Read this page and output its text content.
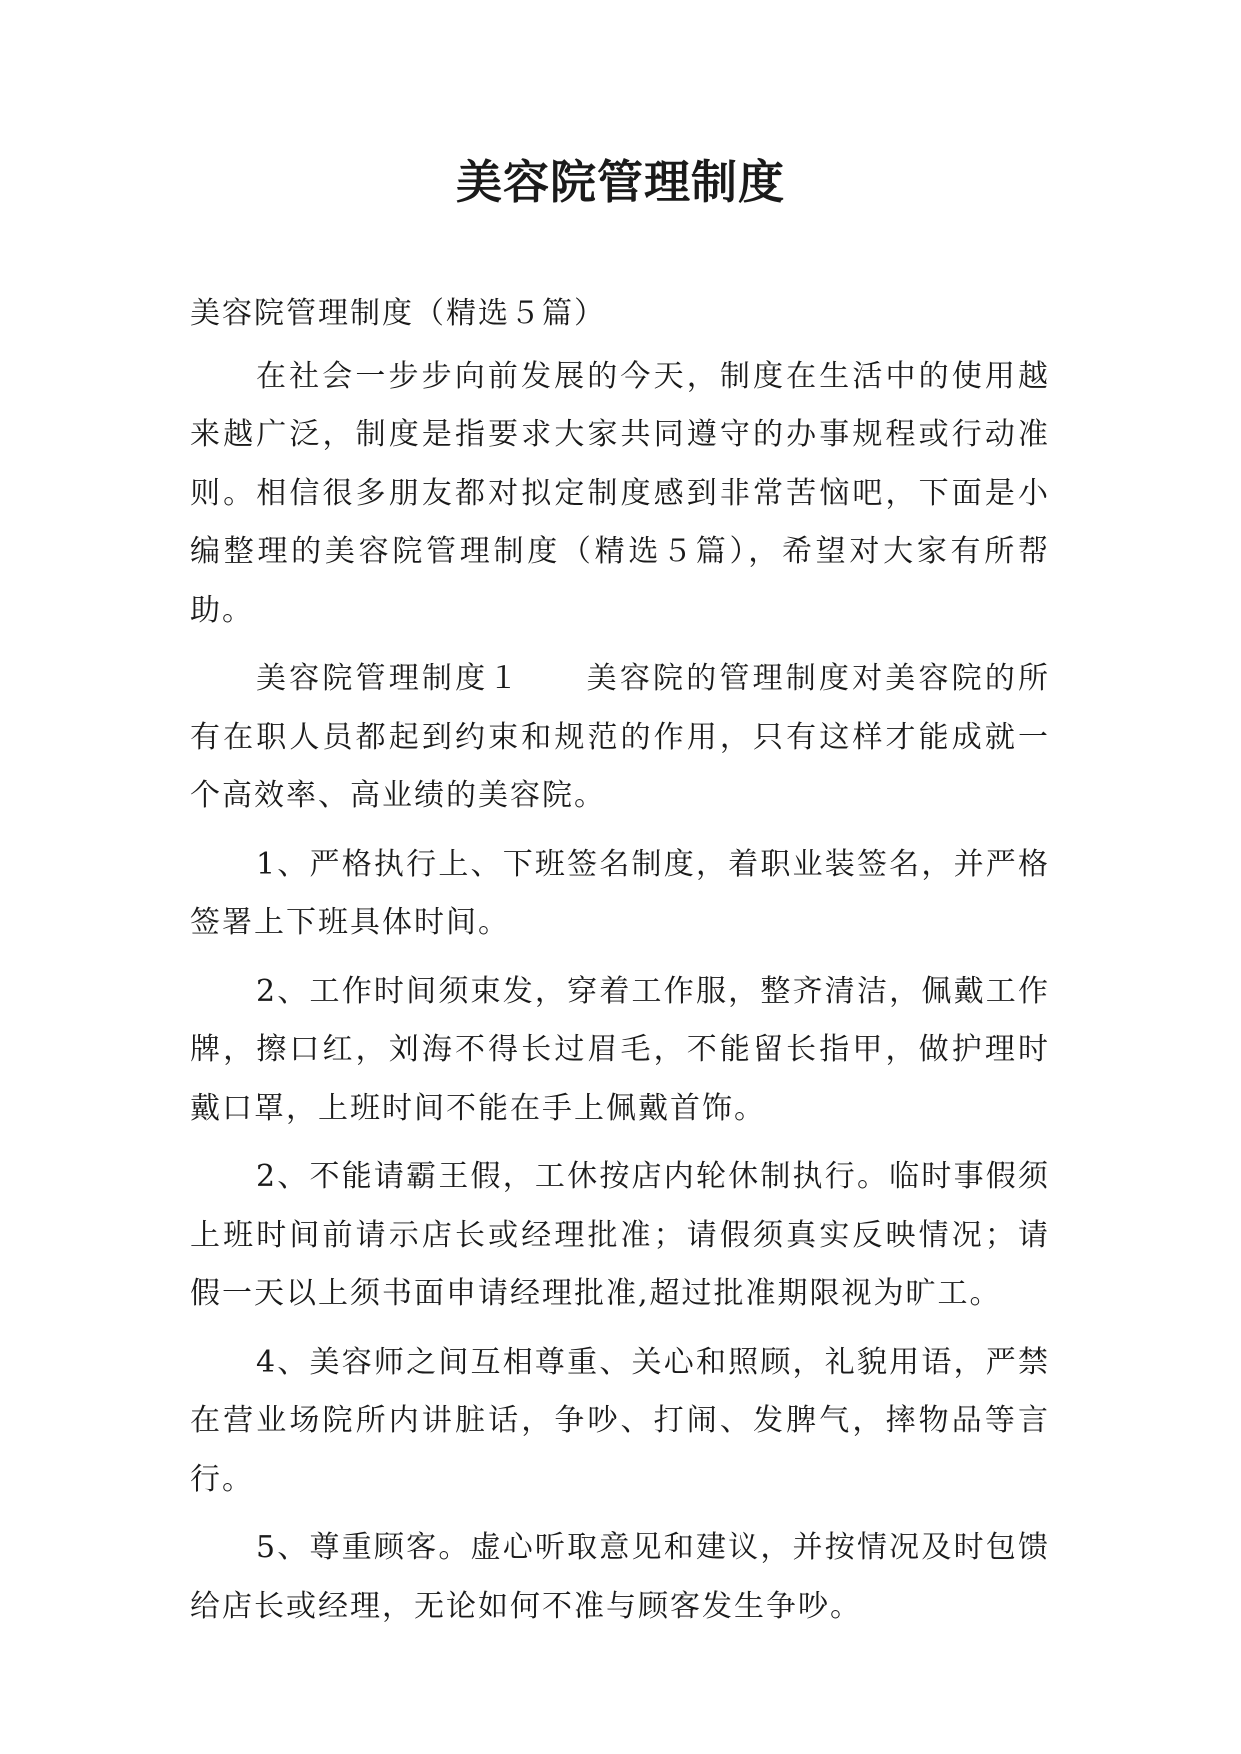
美容院管理制度

美容院管理制度（精选５篇）

在社会一步步向前发展的今天，制度在生活中的使用越来越广泛，制度是指要求大家共同遵守的办事规程或行动准则。相信很多朋友都对拟定制度感到非常苦恼吧，下面是小编整理的美容院管理制度（精选５篇），希望对大家有所帮助。

美容院管理制度１ 美容院的管理制度对美容院的所有在职人员都起到约束和规范的作用，只有这样才能成就一个高效率、高业绩的美容院。

1、严格执行上、下班签名制度，着职业装签名，并严格签署上下班具体时间。

2、工作时间须束发，穿着工作服，整齐清洁，佩戴工作牌，擦口红，刘海不得长过眉毛，不能留长指甲，做护理时戴口罩，上班时间不能在手上佩戴首饰。

2、不能请霸王假，工休按店内轮休制执行。临时事假须上班时间前请示店长或经理批准；请假须真实反映情况；请假一天以上须书面申请经理批准,超过批准期限视为旷工。

4、美容师之间互相尊重、关心和照顾，礼貌用语，严禁在营业场院所内讲脏话，争吵、打闹、发脾气，摔物品等言行。

5、尊重顾客。虚心听取意见和建议，并按情况及时包馈给店长或经理，无论如何不准与顾客发生争吵。
